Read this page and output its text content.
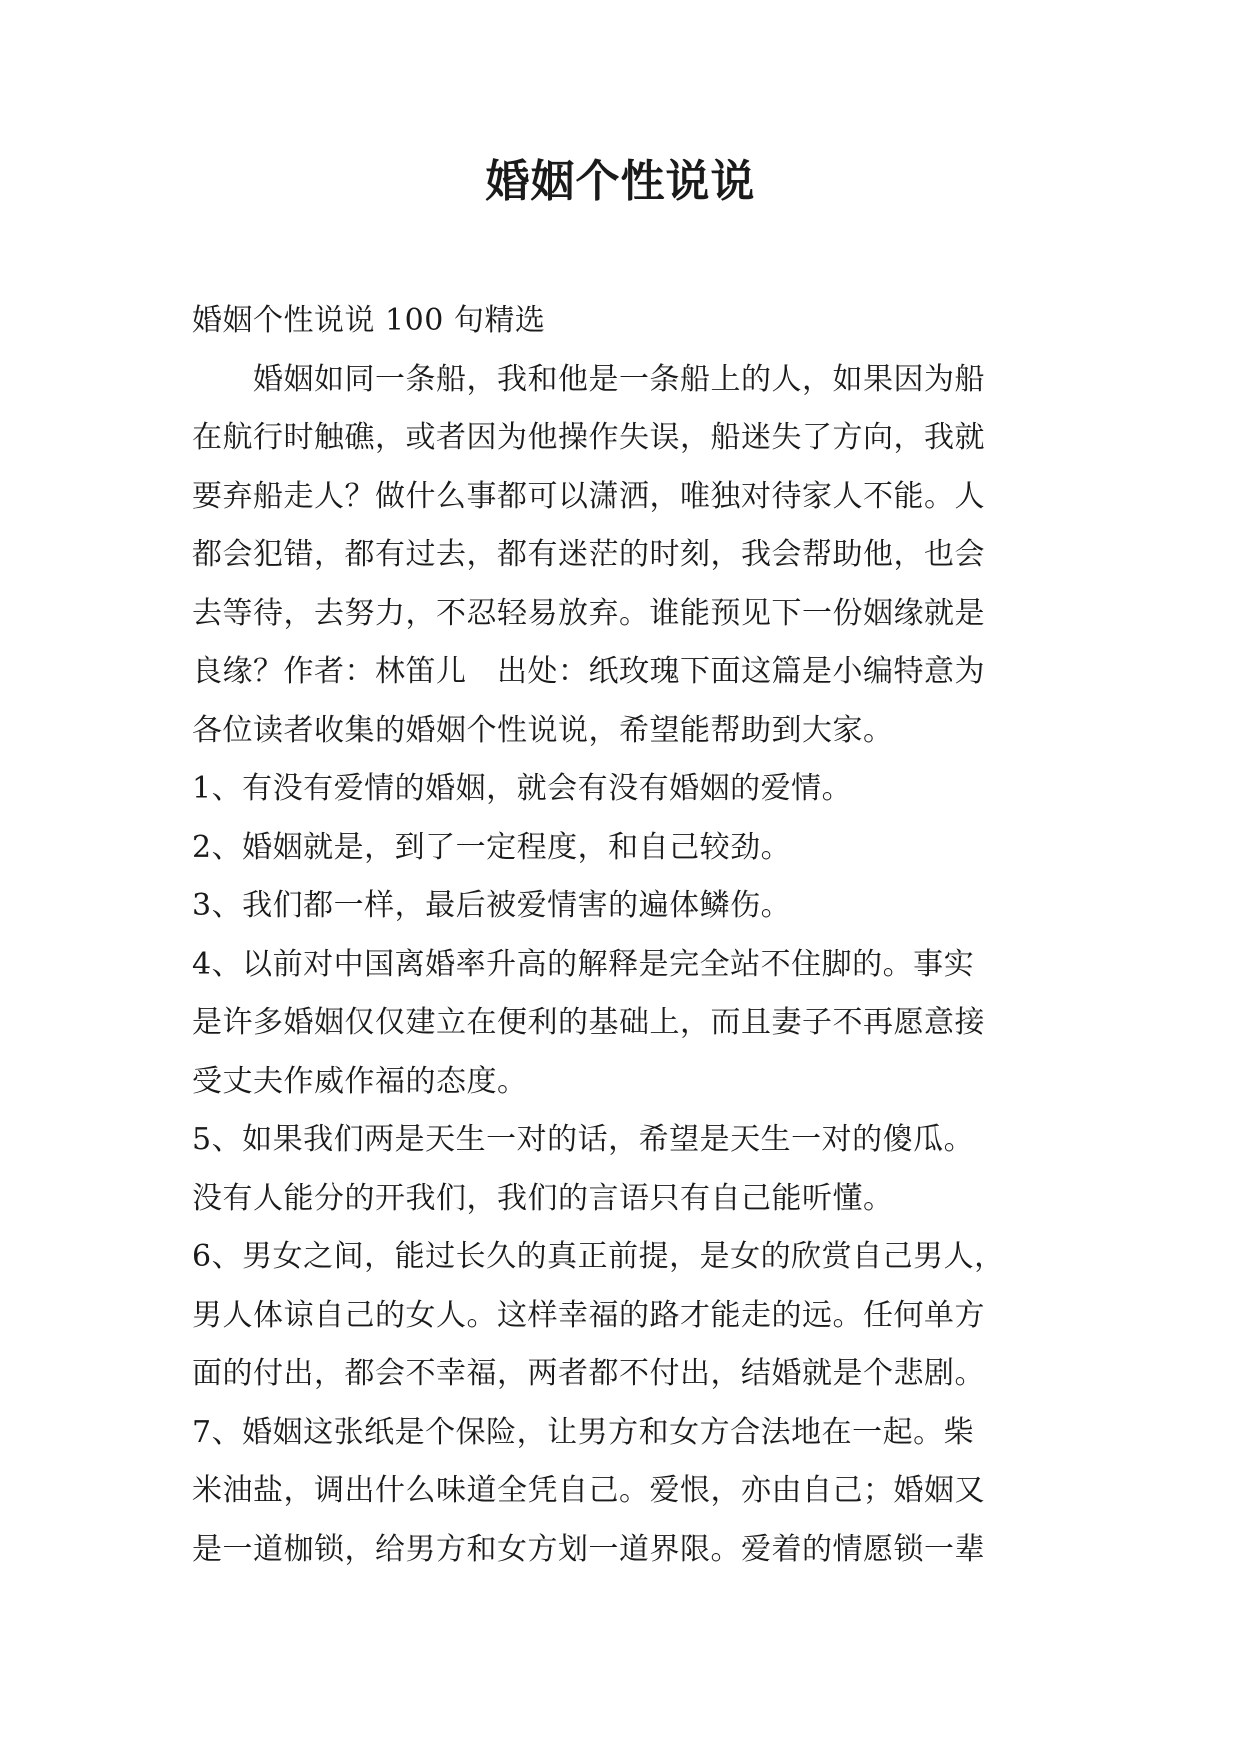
婚姻个性说说
婚姻个性说说 100 句精选
　　婚姻如同一条船，我和他是一条船上的人，如果因为船
在航行时触礁，或者因为他操作失误，船迷失了方向，我就
要弃船走人？做什么事都可以潇洒，唯独对待家人不能。人
都会犯错，都有过去，都有迷茫的时刻，我会帮助他，也会
去等待，去努力，不忍轻易放弃。谁能预见下一份姻缘就是
良缘？作者：林笛儿　出处：纸玫瑰下面这篇是小编特意为
各位读者收集的婚姻个性说说，希望能帮助到大家。
1、有没有爱情的婚姻，就会有没有婚姻的爱情。
2、婚姻就是，到了一定程度，和自己较劲。
3、我们都一样，最后被爱情害的遍体鳞伤。
4、以前对中国离婚率升高的解释是完全站不住脚的。事实
是许多婚姻仅仅建立在便利的基础上，而且妻子不再愿意接
受丈夫作威作福的态度。
5、如果我们两是天生一对的话，希望是天生一对的傻瓜。
没有人能分的开我们，我们的言语只有自己能听懂。
6、男女之间，能过长久的真正前提，是女的欣赏自己男人，
男人体谅自己的女人。这样幸福的路才能走的远。任何单方
面的付出，都会不幸福，两者都不付出，结婚就是个悲剧。
7、婚姻这张纸是个保险，让男方和女方合法地在一起。柴
米油盐，调出什么味道全凭自己。爱恨，亦由自己；婚姻又
是一道枷锁，给男方和女方划一道界限。爱着的情愿锁一辈
